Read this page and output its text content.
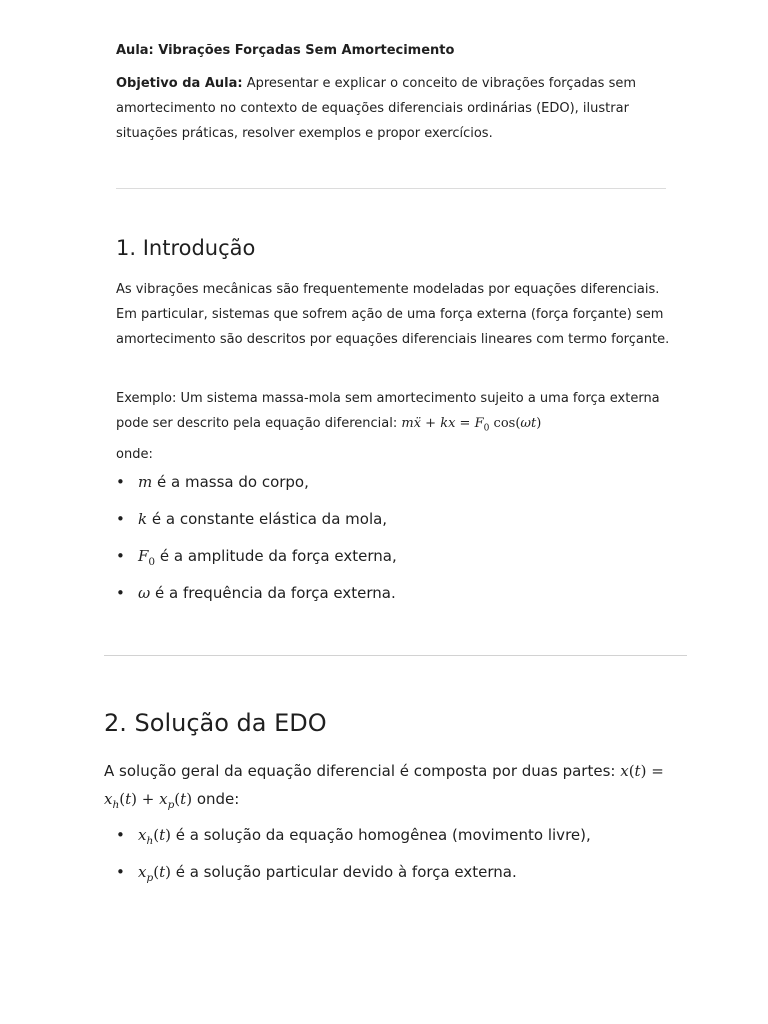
Aula: Vibrações Forçadas Sem Amortecimento
Objetivo da Aula: Apresentar e explicar o conceito de vibrações forçadas sem amortecimento no contexto de equações diferenciais ordinárias (EDO), ilustrar situações práticas, resolver exemplos e propor exercícios.
1. Introdução
As vibrações mecânicas são frequentemente modeladas por equações diferenciais. Em particular, sistemas que sofrem ação de uma força externa (força forçante) sem amortecimento são descritos por equações diferenciais lineares com termo forçante.
Exemplo: Um sistema massa-mola sem amortecimento sujeito a uma força externa pode ser descrito pela equação diferencial: mẍ + kx = $F_0$ cos(ωt)
onde:
• m é a massa do corpo,
• k é a constante elástica da mola,
• $F_0$ é a amplitude da força externa,
• ω é a frequência da força externa.
2. Solução da EDO
A solução geral da equação diferencial é composta por duas partes: x(t) =
$x_h(t) + x_p(t)$ onde:
• $x_h(t)$ é a solução da equação homogênea (movimento livre),
• $x_p(t)$ é a solução particular devido à força externa.
